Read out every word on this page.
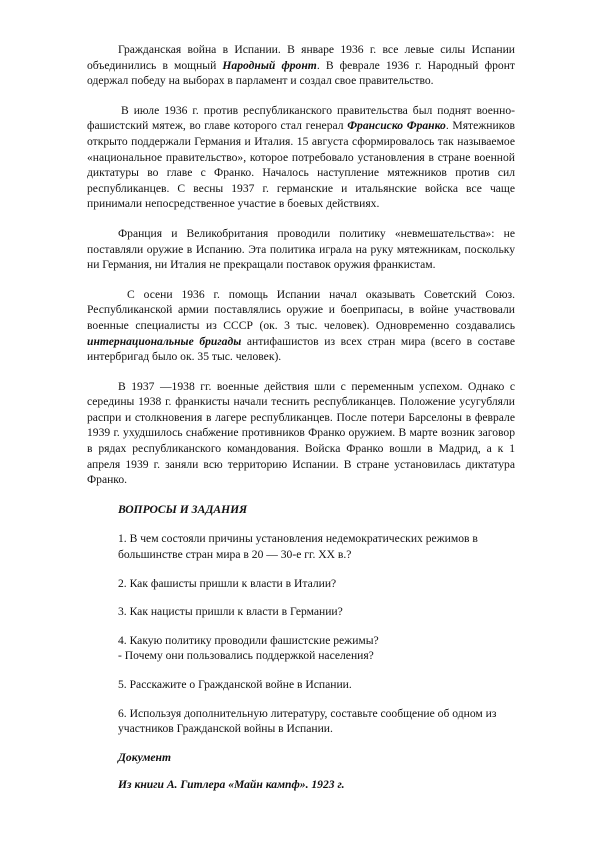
Гражданская война в Испании. В январе 1936 г. все левые силы Испании объединились в мощный Народный фронт. В феврале 1936 г. Народный фронт одержал победу на выборах в парламент и создал свое правительство.

В июле 1936 г. против республиканского правительства был поднят военно-фашистский мятеж, во главе которого стал генерал Франсиско Франко. Мятежников открыто поддержали Германия и Италия. 15 августа сформировалось так называемое «национальное правительство», которое потребовало установления в стране военной диктатуры во главе с Франко. Началось наступление мятежников против сил республиканцев. С весны 1937 г. германские и итальянские войска все чаще принимали непосредственное участие в боевых действиях.

Франция и Великобритания проводили политику «невмешательства»: не поставляли оружие в Испанию. Эта политика играла на руку мятежникам, поскольку ни Германия, ни Италия не прекращали поставок оружия франкистам.

С осени 1936 г. помощь Испании начал оказывать Советский Союз. Республиканской армии поставлялись оружие и боеприпасы, в войне участвовали военные специалисты из СССР (ок. 3 тыс. человек). Одновременно создавались интернациональные бригады антифашистов из всех стран мира (всего в составе интербригад было ок. 35 тыс. человек).

В 1937 —1938 гг. военные действия шли с переменным успехом. Однако с середины 1938 г. франкисты начали теснить республиканцев. Положение усугубляли распри и столкновения в лагере республиканцев. После потери Барселоны в феврале 1939 г. ухудшилось снабжение противников Франко оружием. В марте возник заговор в рядах республиканского командования. Войска Франко вошли в Мадрид, а к 1 апреля 1939 г. заняли всю территорию Испании. В стране установилась диктатура Франко.

ВОПРОСЫ И ЗАДАНИЯ

1. В чем состояли причины установления недемократических режимов в
большинстве стран мира в 20 — 30-е гг. XX в.?

2. Как фашисты пришли к власти в Италии?

3. Как нацисты пришли к власти в Германии?

4. Какую политику проводили фашистские режимы?
- Почему они пользовались поддержкой населения?

5. Расскажите о Гражданской войне в Испании.

6. Используя дополнительную литературу, составьте сообщение об одном из
участников Гражданской войны в Испании.

Документ

Из книги А. Гитлера «Майн кампф». 1923 г.
